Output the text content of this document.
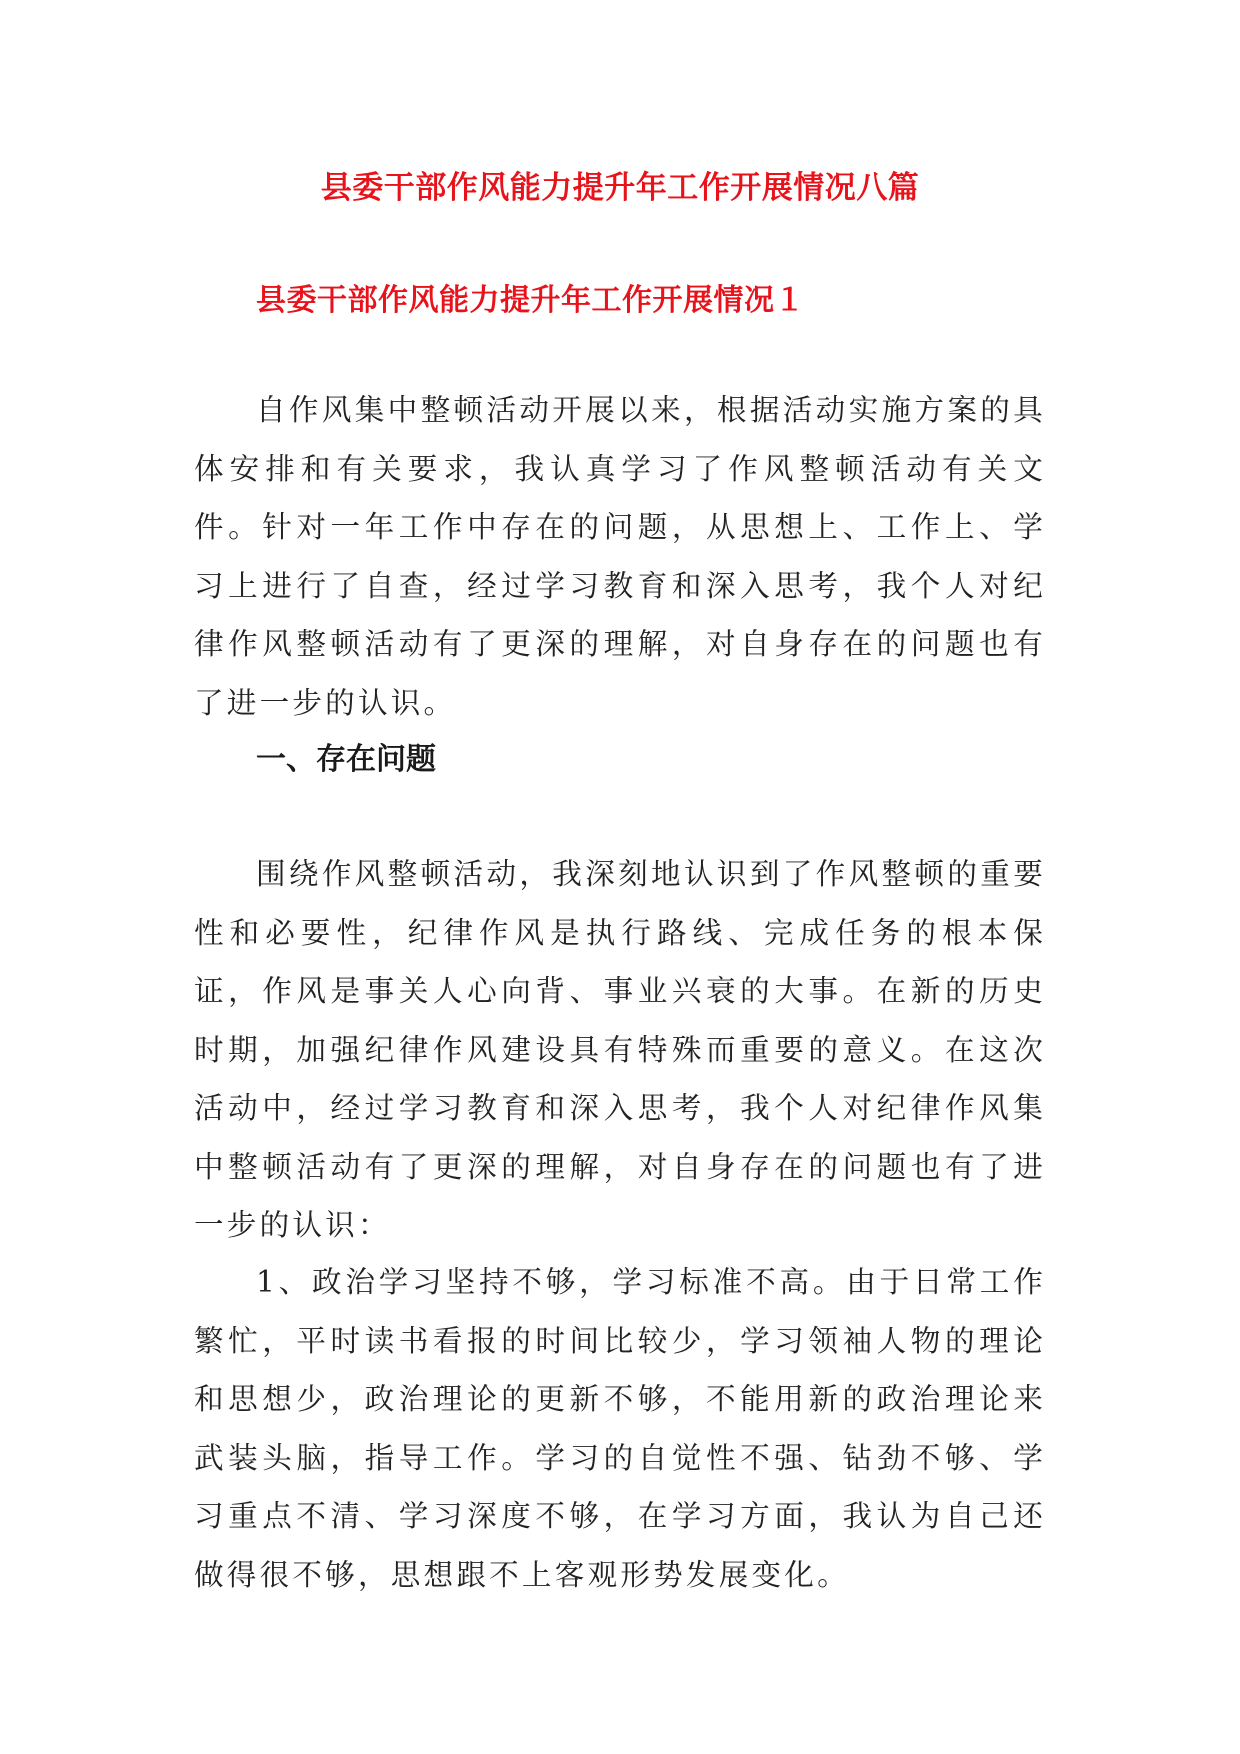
县委干部作风能力提升年工作开展情况八篇
县委干部作风能力提升年工作开展情况１

自作风集中整顿活动开展以来，根据活动实施方案的具体安排和有关要求，我认真学习了作风整顿活动有关文件。针对一年工作中存在的问题，从思想上、工作上、学习上进行了自查，经过学习教育和深入思考，我个人对纪律作风整顿活动有了更深的理解，对自身存在的问题也有了进一步的认识。

一、存在问题

围绕作风整顿活动，我深刻地认识到了作风整顿的重要性和必要性，纪律作风是执行路线、完成任务的根本保证，作风是事关人心向背、事业兴衰的大事。在新的历史时期，加强纪律作风建设具有特殊而重要的意义。在这次活动中，经过学习教育和深入思考，我个人对纪律作风集中整顿活动有了更深的理解，对自身存在的问题也有了进一步的认识：

1、政治学习坚持不够，学习标准不高。由于日常工作繁忙，平时读书看报的时间比较少，学习领袖人物的理论和思想少，政治理论的更新不够，不能用新的政治理论来武装头脑，指导工作。学习的自觉性不强、钻劲不够、学习重点不清、学习深度不够，在学习方面，我认为自己还做得很不够，思想跟不上客观形势发展变化。
